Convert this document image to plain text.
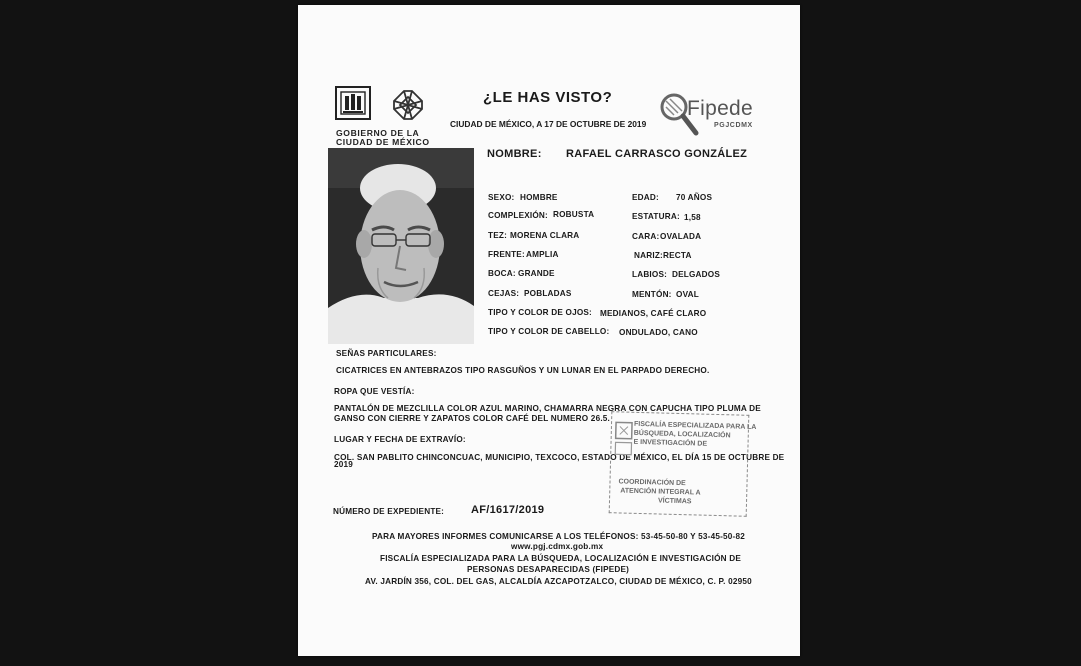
GOBIERNO DE LA
CIUDAD DE MÉXICO
¿LE HAS VISTO?
CIUDAD DE MÉXICO, A 17 DE OCTUBRE DE 2019
Fipede
PGJCDMX
NOMBRE: RAFAEL CARRASCO GONZÁLEZ
SEXO: HOMBRE	EDAD: 70 AÑOS
COMPLEXIÓN: ROBUSTA	ESTATURA: 1,58
TEZ: MORENA CLARA	CARA: OVALADA
FRENTE: AMPLIA	NARIZ: RECTA
BOCA: GRANDE	LABIOS: DELGADOS
CEJAS: POBLADAS	MENTÓN: OVAL
TIPO Y COLOR DE OJOS: MEDIANOS, CAFÉ CLARO
TIPO Y COLOR DE CABELLO: ONDULADO, CANO
SEÑAS PARTICULARES:
CICATRICES EN ANTEBRAZOS TIPO RASGUÑOS Y UN LUNAR EN EL PARPADO DERECHO.
ROPA QUE VESTÍA:
PANTALÓN DE MEZCLILLA COLOR AZUL MARINO, CHAMARRA NEGRA CON CAPUCHA TIPO PLUMA DE
GANSO CON CIERRE Y ZAPATOS COLOR CAFÉ DEL NUMERO 26.5.
LUGAR Y FECHA DE EXTRAVÍO:
COL. SAN PABLITO CHINCONCUAC, MUNICIPIO, TEXCOCO, ESTADO DE MÉXICO, EL DÍA 15 DE OCTUBRE DE
2019
FISCALÍA ESPECIALIZADA PARA LA
BÚSQUEDA, LOCALIZACIÓN
E INVESTIGACIÓN DE
COORDINACIÓN DE
ATENCIÓN INTEGRAL A
VÍCTIMAS
NÚMERO DE EXPEDIENTE: AF/1617/2019
PARA MAYORES INFORMES COMUNICARSE A LOS TELÉFONOS: 53-45-50-80 Y 53-45-50-82
www.pgj.cdmx.gob.mx
FISCALÍA ESPECIALIZADA PARA LA BÚSQUEDA, LOCALIZACIÓN E INVESTIGACIÓN DE
PERSONAS DESAPARECIDAS (FIPEDE)
AV. JARDÍN 356, COL. DEL GAS, ALCALDÍA AZCAPOTZALCO, CIUDAD DE MÉXICO, C. P. 02950
